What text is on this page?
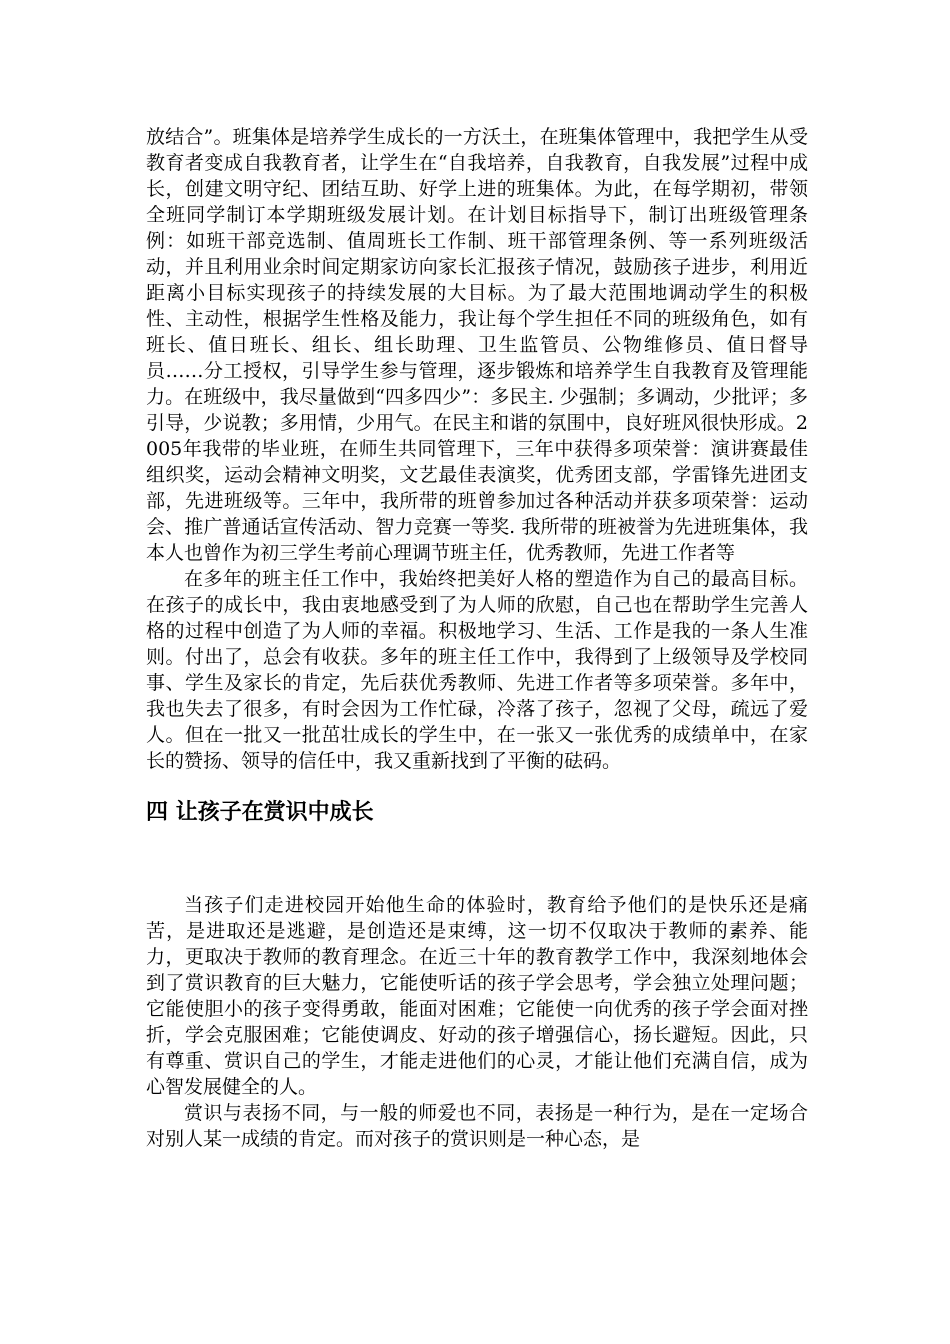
放结合”。班集体是培养学生成长的一方沃土，在班集体管理中，我把学生从受教育者变成自我教育者，让学生在“自我培养，自我教育，自我发展”过程中成长，创建文明守纪、团结互助、好学上进的班集体。为此，在每学期初，带领全班同学制订本学期班级发展计划。在计划目标指导下，制订出班级管理条例：如班干部竞选制、值周班长工作制、班干部管理条例、等一系列班级活动，并且利用业余时间定期家访向家长汇报孩子情况，鼓励孩子进步，利用近距离小目标实现孩子的持续发展的大目标。为了最大范围地调动学生的积极性、主动性，根据学生性格及能力，我让每个学生担任不同的班级角色，如有班长、值日班长、组长、组长助理、卫生监管员、公物维修员、值日督导员……分工授权，引导学生参与管理，逐步锻炼和培养学生自我教育及管理能力。在班级中，我尽量做到“四多四少”：多民主. 少强制；多调动，少批评；多引导，少说教；多用情，少用气。在民主和谐的氛围中，良好班风很快形成。2005年我带的毕业班，在师生共同管理下，三年中获得多项荣誉：演讲赛最佳组织奖，运动会精神文明奖，文艺最佳表演奖，优秀团支部，学雷锋先进团支部，先进班级等。三年中，我所带的班曾参加过各种活动并获多项荣誉：运动会、推广普通话宣传活动、智力竞赛一等奖. 我所带的班被誉为先进班集体，我本人也曾作为初三学生考前心理调节班主任，优秀教师，先进工作者等

在多年的班主任工作中，我始终把美好人格的塑造作为自己的最高目标。在孩子的成长中，我由衷地感受到了为人师的欣慰，自己也在帮助学生完善人格的过程中创造了为人师的幸福。积极地学习、生活、工作是我的一条人生准则。付出了，总会有收获。多年的班主任工作中，我得到了上级领导及学校同事、学生及家长的肯定，先后获优秀教师、先进工作者等多项荣誉。多年中，我也失去了很多，有时会因为工作忙碌，冷落了孩子，忽视了父母，疏远了爱人。但在一批又一批茁壮成长的学生中，在一张又一张优秀的成绩单中，在家长的赞扬、领导的信任中，我又重新找到了平衡的砝码。

四 让孩子在赏识中成长

当孩子们走进校园开始他生命的体验时，教育给予他们的是快乐还是痛苦，是进取还是逃避，是创造还是束缚，这一切不仅取决于教师的素养、能力，更取决于教师的教育理念。在近三十年的教育教学工作中，我深刻地体会到了赏识教育的巨大魅力，它能使听话的孩子学会思考，学会独立处理问题；它能使胆小的孩子变得勇敢，能面对困难；它能使一向优秀的孩子学会面对挫折，学会克服困难；它能使调皮、好动的孩子增强信心，扬长避短。因此，只有尊重、赏识自己的学生，才能走进他们的心灵，才能让他们充满自信，成为心智发展健全的人。

赏识与表扬不同，与一般的师爱也不同，表扬是一种行为，是在一定场合对别人某一成绩的肯定。而对孩子的赏识则是一种心态，是
